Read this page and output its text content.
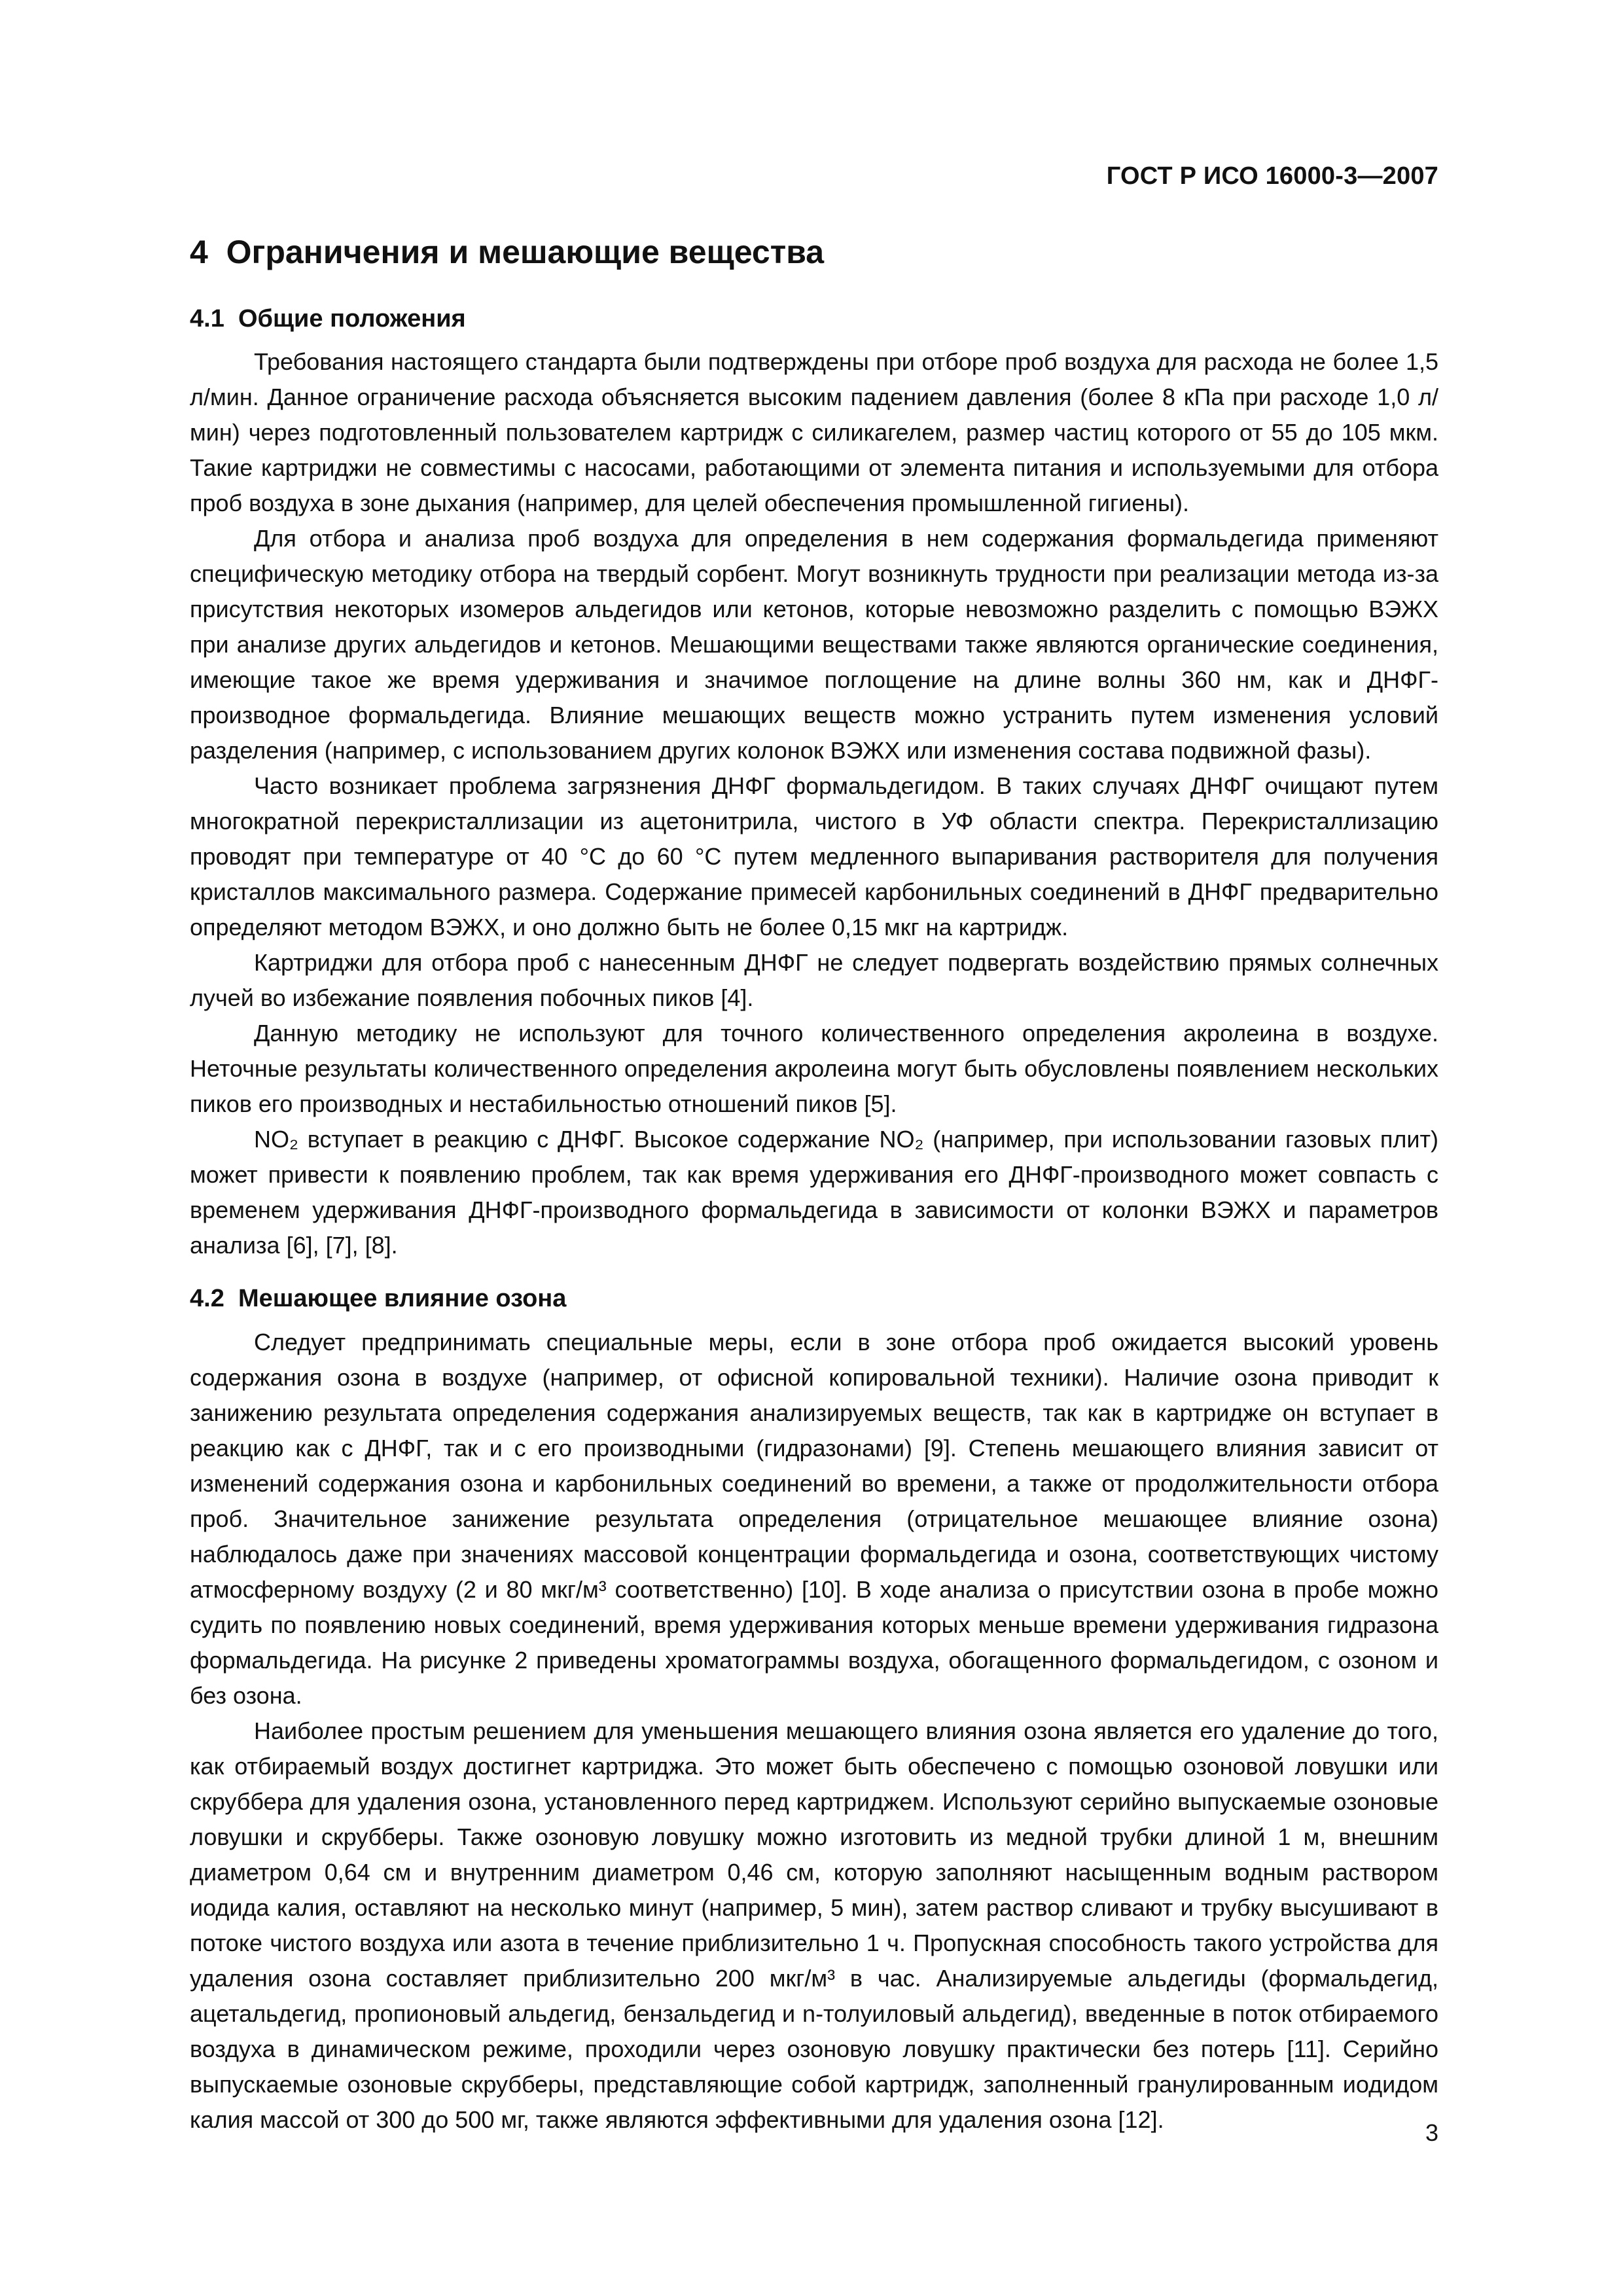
ГОСТ Р ИСО 16000-3—2007
4 Ограничения и мешающие вещества
4.1 Общие положения

Требования настоящего стандарта были подтверждены при отборе проб воздуха для расхода не более 1,5 л/мин. Данное ограничение расхода объясняется высоким падением давления (более 8 кПа при расходе 1,0 л/мин) через подготовленный пользователем картридж с силикагелем, размер частиц которого от 55 до 105 мкм. Такие картриджи не совместимы с насосами, работающими от элемента питания и используемыми для отбора проб воздуха в зоне дыхания (например, для целей обеспечения промышленной гигиены).

Для отбора и анализа проб воздуха для определения в нем содержания формальдегида применяют специфическую методику отбора на твердый сорбент. Могут возникнуть трудности при реализации метода из-за присутствия некоторых изомеров альдегидов или кетонов, которые невозможно разделить с помощью ВЭЖХ при анализе других альдегидов и кетонов. Мешающими веществами также являются органические соединения, имеющие такое же время удерживания и значимое поглощение на длине волны 360 нм, как и ДНФГ-производное формальдегида. Влияние мешающих веществ можно устранить путем изменения условий разделения (например, с использованием других колонок ВЭЖХ или изменения состава подвижной фазы).

Часто возникает проблема загрязнения ДНФГ формальдегидом. В таких случаях ДНФГ очищают путем многократной перекристаллизации из ацетонитрила, чистого в УФ области спектра. Перекристаллизацию проводят при температуре от 40 °С до 60 °С путем медленного выпаривания растворителя для получения кристаллов максимального размера. Содержание примесей карбонильных соединений в ДНФГ предварительно определяют методом ВЭЖХ, и оно должно быть не более 0,15 мкг на картридж.

Картриджи для отбора проб с нанесенным ДНФГ не следует подвергать воздействию прямых солнечных лучей во избежание появления побочных пиков [4].

Данную методику не используют для точного количественного определения акролеина в воздухе. Неточные результаты количественного определения акролеина могут быть обусловлены появлением нескольких пиков его производных и нестабильностью отношений пиков [5].

NO₂ вступает в реакцию с ДНФГ. Высокое содержание NO₂ (например, при использовании газовых плит) может привести к появлению проблем, так как время удерживания его ДНФГ-производного может совпасть с временем удерживания ДНФГ-производного формальдегида в зависимости от колонки ВЭЖХ и параметров анализа [6], [7], [8].

4.2 Мешающее влияние озона

Следует предпринимать специальные меры, если в зоне отбора проб ожидается высокий уровень содержания озона в воздухе (например, от офисной копировальной техники). Наличие озона приводит к занижению результата определения содержания анализируемых веществ, так как в картридже он вступает в реакцию как с ДНФГ, так и с его производными (гидразонами) [9]. Степень мешающего влияния зависит от изменений содержания озона и карбонильных соединений во времени, а также от продолжительности отбора проб. Значительное занижение результата определения (отрицательное мешающее влияние озона) наблюдалось даже при значениях массовой концентрации формальдегида и озона, соответствующих чистому атмосферному воздуху (2 и 80 мкг/м³ соответственно) [10]. В ходе анализа о присутствии озона в пробе можно судить по появлению новых соединений, время удерживания которых меньше времени удерживания гидразона формальдегида. На рисунке 2 приведены хроматограммы воздуха, обогащенного формальдегидом, с озоном и без озона.

Наиболее простым решением для уменьшения мешающего влияния озона является его удаление до того, как отбираемый воздух достигнет картриджа. Это может быть обеспечено с помощью озоновой ловушки или скруббера для удаления озона, установленного перед картриджем. Используют серийно выпускаемые озоновые ловушки и скрубберы. Также озоновую ловушку можно изготовить из медной трубки длиной 1 м, внешним диаметром 0,64 см и внутренним диаметром 0,46 см, которую заполняют насыщенным водным раствором иодида калия, оставляют на несколько минут (например, 5 мин), затем раствор сливают и трубку высушивают в потоке чистого воздуха или азота в течение приблизительно 1 ч. Пропускная способность такого устройства для удаления озона составляет приблизительно 200 мкг/м³ в час. Анализируемые альдегиды (формальдегид, ацетальдегид, пропионовый альдегид, бензальдегид и n-толуиловый альдегид), введенные в поток отбираемого воздуха в динамическом режиме, проходили через озоновую ловушку практически без потерь [11]. Серийно выпускаемые озоновые скрубберы, представляющие собой картридж, заполненный гранулированным иодидом калия массой от 300 до 500 мг, также являются эффективными для удаления озона [12].	3
